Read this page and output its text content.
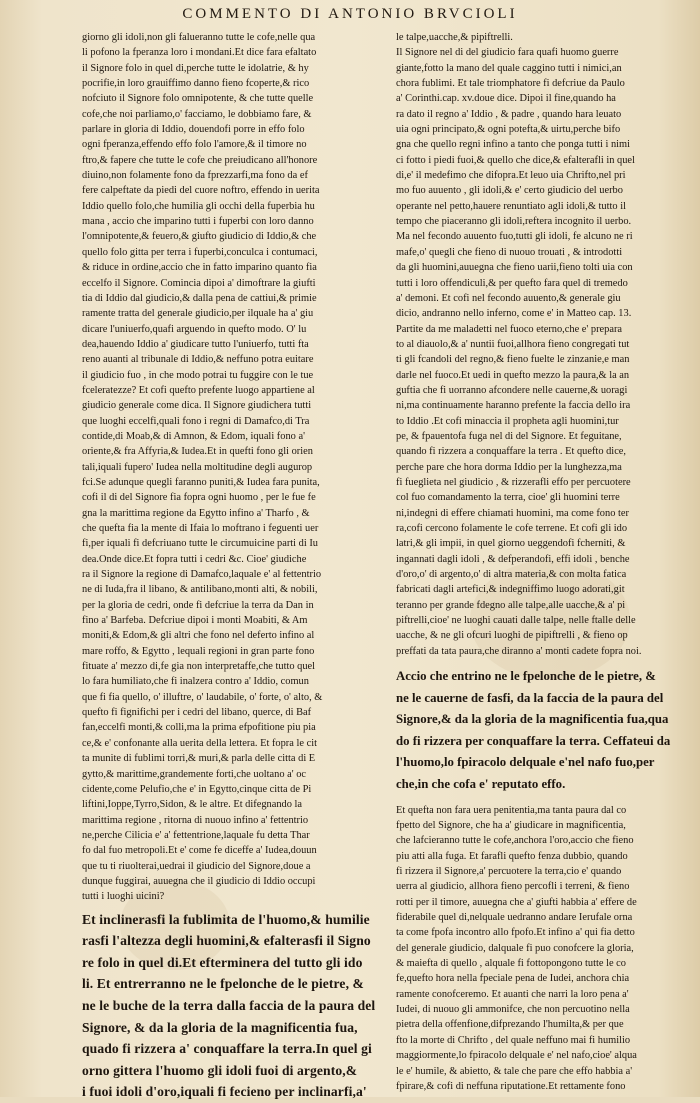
COMMENTO DI ANTONIO BRVCIOLI
giorno gli idoli,non gli falueranno tutte le cofe,nelle qua
li pofono la fperanza loro i mondani.Et dice fara efaltato
il Signore folo in quel di,perche tutte le idolatrie, & hy
pocrifie,in loro grauiffimo danno fieno fcoperte,& rico
nofciuto il Signore folo omnipotente, & che tutte quelle
cofe,che noi parliamo,o' facciamo, le dobbiamo fare, &
parlare in gloria di Iddio, douendofi porre in effo folo
ogni fperanza,effendo effo folo l'amore,& il timore no
ftro,& fapere che tutte le cofe che preiudicano all'honore
diuino,non folamente fono da fprezzarfi,ma fono da ef
fere calpeftate da piedi del cuore noftro, effendo in uerita
Iddio quello folo,che humilia gli occhi della fuperbia hu
mana , accio che imparino tutti i fuperbi con loro danno
l'omnipotente,& feuero,& giufto giudicio di Iddio,& che
quello folo gitta per terra i fuperbi,conculca i contumaci,
& riduce in ordine,accio che in fatto imparino quanto fia
eccelfo il Signore. Comincia dipoi a' dimoftrare la giufti
tia di Iddio dal giudicio,& dalla pena de cattiui,& primie
ramente tratta del generale giudicio,per ilquale ha a' giu
dicare l'uniuerfo,quafi arguendo in quefto modo. O' lu
dea,hauendo Iddio a' giudicare tutto l'uniuerfo, tutti fta
reno auanti al tribunale di Iddio,& neffuno potra euitare
il giudicio fuo , in che modo potrai tu fuggire con le tue
fceleratezze? Et cofi quefto prefente luogo appartiene al
giudicio generale come dica. Il Signore giudichera tutti
que luoghi eccelfi,quali fono i regni di Damafco,di Tra
contide,di Moab,& di Amnon, & Edom, iquali fono a'
oriente,& fra Affyria,& Iudea.Et in quefti fono gli orien
tali,iquali fupero' Iudea nella moltitudine degli augurop
fci.Se adunque quegli faranno puniti,& Iudea fara punita,
cofi il di del Signore fia fopra ogni huomo , per le fue fe
gna la marittima regione da Egytto infino a' Tharfo , &
che quefta fia la mente di Ifaia lo moftrano i feguenti uer
fi,per iquali fi defcriuano tutte le circumuicine parti di Iu
dea.Onde dice.Et fopra tutti i cedri &c. Cioe' giudiche
ra il Signore la regione di Damafco,laquale e' al fettentrio
ne di Iuda,fra il libano, & antilibano,monti alti, & nobili,
per la gloria de cedri, onde fi defcriue la terra da Dan in
fino a' Barfeba. Defcriue dipoi i monti Moabiti, & Am
moniti,& Edom,& gli altri che fono nel deferto infino al
mare roffo, & Egytto , lequali regioni in gran parte fono
fituate a' mezzo di,fe gia non interpretaffe,che tutto quel
lo fara humiliato,che fi inalzera contro a' Iddio, comun
que fi fia quello, o' illuftre, o' laudabile, o' forte, o' alto, &
quefto fi fignifichi per i cedri del libano, querce, di Baf
fan,eccelfi monti,& colli,ma la prima efpofitione piu pia
ce,& e' confonante alla uerita della lettera. Et fopra le cit
ta munite di fublimi torri,& muri,& parla delle citta di E
gytto,& marittime,grandemente forti,che uoltano a' oc
cidente,come Pelufio,che e' in Egytto,cinque citta de Pi
liftini,Ioppe,Tyrro,Sidon, & le altre. Et difegnando la
marittima regione , ritorna di nuouo infino a' fettentrio
ne,perche Cilicia e' a' fettentrione,laquale fu detta Thar
fo dal fuo metropoli.Et e' come fe diceffe a' Iudea,douun
que tu ti riuolterai,uedrai il giudicio del Signore,doue a
dunque fuggirai, auuegna che il giudicio di Iddio occupi
tutti i luoghi uicini?
Et inclinerasfi la fublimita de l'huomo,& humilie
rasfi l'altezza degli huomini,& efalterasfi il Signo
re folo in quel di.Et efterminera del tutto gli ido
li. Et entrerranno ne le fpelonche de le pietre, &
ne le buche de la terra dalla faccia de la paura del
Signore, & da la gloria de la magnificentia fua,
quado fi rizzera a' conquaffare la terra.In quel gi
orno gittera l'huomo gli idoli fuoi di argento,&
i fuoi idoli d'oro,iquali fi fecieno per inclinarfi,a'
le talpe,uacche,& pipiftrelli.
Il Signore nel di del giudicio fara quafi huomo guerre
giante,fotto la mano del quale caggino tutti i nimici,an
chora fublimi. Et tale triomphatore fi defcriue da Paulo
a' Corinthi.cap. xv.doue dice. Dipoi il fine,quando ha
ra dato il regno a' Iddio , & padre , quando hara leuato
uia ogni principato,& ogni potefta,& uirtu,perche bifo
gna che quello regni infino a tanto che ponga tutti i nimi
ci fotto i piedi fuoi,& quello che dice,& efalterafli in quel
di,e' il medefimo che difopra.Et leuo uia Chrifto,nel pri
mo fuo auuento , gli idoli,& e' certo giudicio del uerbo
operante nel petto,hauere renuntiato agli idoli,& tutto il
tempo che piaceranno gli idoli,reftera incognito il uerbo.
Ma nel fecondo auuento fuo,tutti gli idoli, fe alcuno ne ri
mafe,o' quegli che fieno di nuouo trouati , & introdotti
da gli huomini,auuegna che fieno uarii,fieno tolti uia con
tutti i loro offendiculi,& per quefto fara quel di tremedo
a' demoni. Et cofi nel fecondo auuento,& generale giu
dicio, andranno nello inferno, come e' in Matteo cap. 13.
Partite da me maladetti nel fuoco eterno,che e' prepara
to al diauolo,& a' nuntii fuoi,allhora fieno congregati tut
ti gli fcandoli del regno,& fieno fuelte le zinzanie,e man
darle nel fuoco.Et uedi in quefto mezzo la paura,& la an
guftia che fi uorranno afcondere nelle cauerne,& uoragi
ni,ma continuamente haranno prefente la faccia dello ira
to Iddio .Et cofi minaccia il propheta agli huomini,tur
pe, & fpauentofa fuga nel di del Signore. Et feguitane,
quando fi rizzera a conquaffare la terra . Et quefto dice,
perche pare che hora dorma Iddio per la lunghezza,ma
fi fueglieta nel giudicio , & rizzerafli effo per percuotere
col fuo comandamento la terra, cioe' gli huomini terre
ni,indegni di effere chiamati huomini, ma come fono ter
ra,cofi cercono folamente le cofe terrene. Et cofi gli ido
latri,& gli impii, in quel giorno ueggendofi fcherniti, &
ingannati dagli idoli , & defperandofi, effi idoli , benche
d'oro,o' di argento,o' di altra materia,& con molta fatica
fabricati dagli artefici,& indegniffimo luogo adorati,git
teranno per grande fdegno alle talpe,alle uacche,& a' pi
piftrelli,cioe' ne luoghi cauati dalle talpe, nelle ftalle delle
uacche, & ne gli ofcuri luoghi de pipiftrelli , & fieno op
preffati da tata paura,che diranno a' monti cadete fopra noi.
Accio che entrino ne le fpelonche de le pietre, &
ne le cauerne de fasfi, da la faccia de la paura del
Signore,& da la gloria de la magnificentia fua,qua
do fi rizzera per conquaffare la terra. Ceffateui da
l'huomo,lo fpiracolo delquale e'nel nafo fuo,per
che,in che cofa e' reputato effo.
Et quefta non fara uera penitentia,ma tanta paura dal co
fpetto del Signore, che ha a' giudicare in magnificentia,
che lafcieranno tutte le cofe,anchora l'oro,accio che fieno
piu atti alla fuga. Et farafli quefto fenza dubbio, quando
fi rizzera il Signore,a' percuotere la terra,cio e' quando
uerra al giudicio, allhora fieno percofli i terreni, & fieno
rotti per il timore, auuegna che a' giufti habbia a' effere de
fiderabile quel di,nelquale uedranno andare Ierufale orna
ta come fpofa incontro allo fpofo.Et infino a' qui fia detto
del generale giudicio, dalquale fi puo conofcere la gloria,
& maiefta di quello , alquale fi fottopongono tutte le co
fe,quefto hora nella fpeciale pena de Iudei, anchora chia
ramente conofceremo. Et auanti che narri la loro pena a'
Iudei, di nuouo gli ammonifce, che non percuotino nella
pietra della offenfione,difprezando l'humilta,& per que
fto la morte di Chrifto , del quale neffuno mai fi humilio
maggiormente,lo fpiracolo delquale e' nel nafo,cioe' alqua
le e' humile, & abietto, & tale che pare che effo habbia a'
fpirare,& cofi di neffuna riputatione.Et rettamente fono
